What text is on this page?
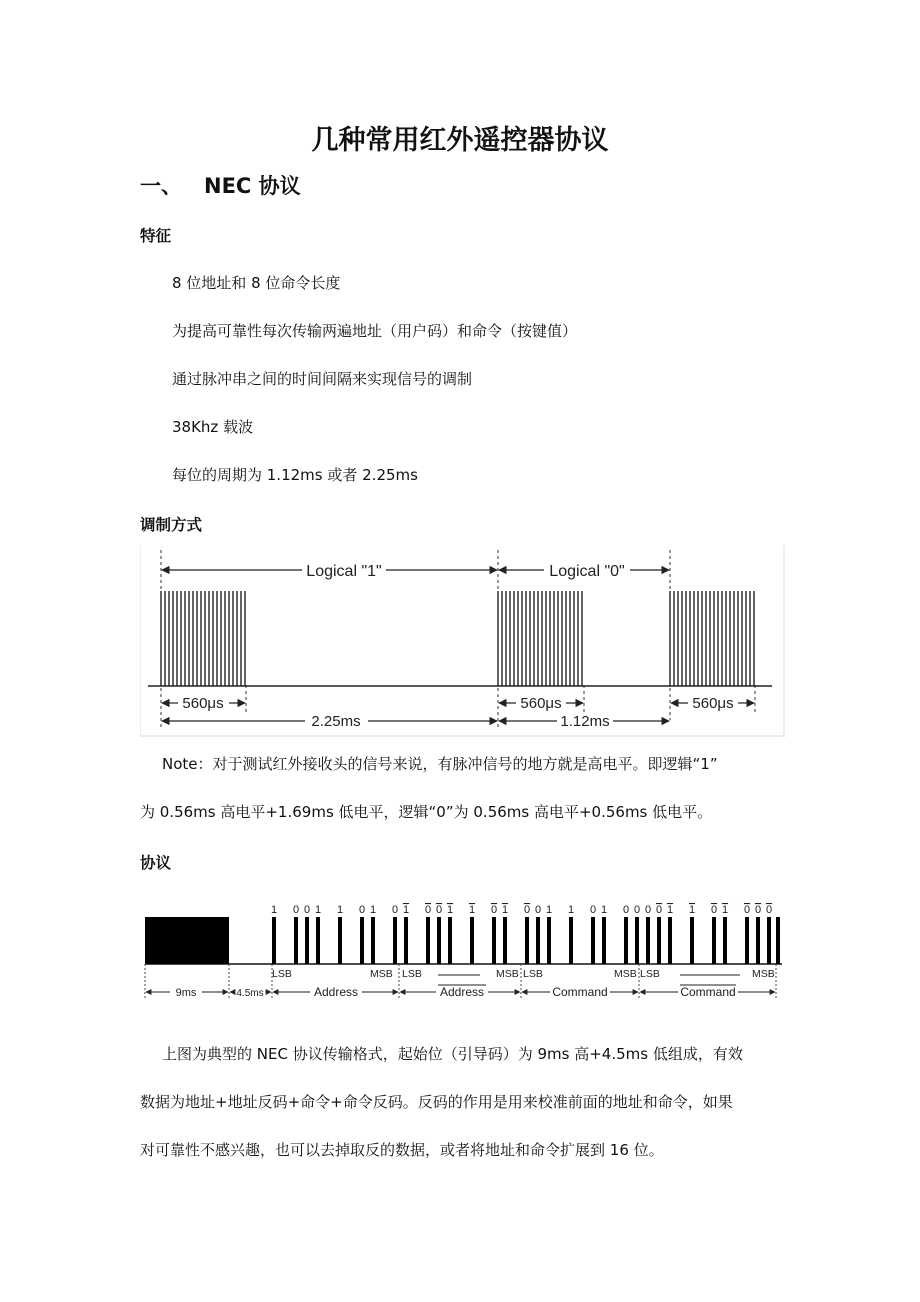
几种常用红外遥控器协议
一、 NEC 协议
特征
8 位地址和 8 位命令长度
为提高可靠性每次传输两遍地址（用户码）和命令（按键值）
通过脉冲串之间的时间间隔来实现信号的调制
38Khz 载波
每位的周期为 1.12ms 或者 2.25ms
调制方式
Logical "1"	Logical "0"
560μs	560μs	560μs
2.25ms	1.12ms
Note：对于测试红外接收头的信号来说，有脉冲信号的地方就是高电平。即逻辑“1”
为 0.56ms 高电平+1.69ms 低电平，逻辑“0”为 0.56ms 高电平+0.56ms 低电平。
协议
1 0 0 1 1 0 1 0 1 0 0 1 1 0 1 0 0 1 1 0 1 0 0 0 0 1 1 0 1 0 0 0
LSB	MSB LSB	MSB LSB	MSB LSB	MSB
9ms	4.5ms	Address	Address	Command	Command
上图为典型的 NEC 协议传输格式，起始位（引导码）为 9ms 高+4.5ms 低组成，有效
数据为地址+地址反码+命令+命令反码。反码的作用是用来校准前面的地址和命令，如果
对可靠性不感兴趣，也可以去掉取反的数据，或者将地址和命令扩展到 16 位。
